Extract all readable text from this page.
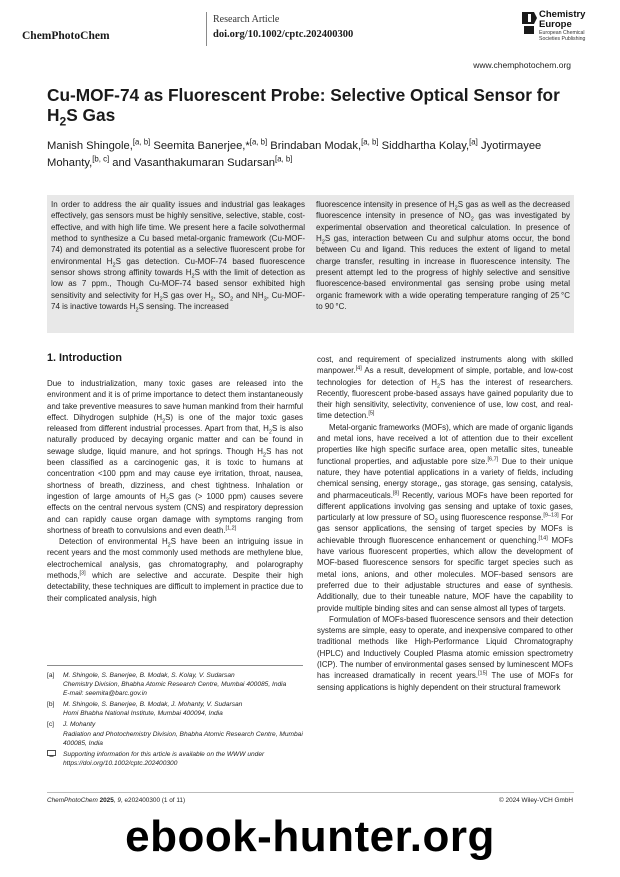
ChemPhotoChem
Research Article
doi.org/10.1002/cptc.202400300
Chemistry Europe
European Chemical Societies Publishing
www.chemphotochem.org
Cu-MOF-74 as Fluorescent Probe: Selective Optical Sensor for $H_2S$ Gas
Manish Shingole,[a, b] Seemita Banerjee,*[a, b] Brindaban Modak,[a, b] Siddhartha Kolay,[a] Jyotirmayee Mohanty,[b, c] and Vasanthakumaran Sudarsan[a, b]
In order to address the air quality issues and industrial gas leakages effectively, gas sensors must be highly sensitive, selective, stable, cost-effective, and with high life time. We present here a facile solvothermal method to synthesize a Cu based metal-organic framework (Cu-MOF-74) and demonstrated its potential as a selective fluorescent probe for environmental $H_2S$ gas detection. Cu-MOF-74 based fluorescence sensor shows strong affinity towards $H_2S$ with the limit of detection as low as 7 ppm., Though Cu-MOF-74 based sensor exhibited high sensitivity and selectivity for $H_2S$ gas over $H_2$, $SO_2$ and $NH_3$, Cu-MOF-74 is inactive towards $H_2S$ sensing. The increased
fluorescence intensity in presence of $H_2S$ gas as well as the decreased fluorescence intensity in presence of $NO_2$ gas was investigated by experimental observation and theoretical calculation. In presence of $H_2S$ gas, interaction between Cu and sulphur atoms occur, the bond between Cu and ligand. This reduces the extent of ligand to metal charge transfer, resulting in increase in fluorescence intensity. The present attempt led to the progress of highly selective and sensitive fluorescence-based environmental gas sensing probe using metal organic framework with a wide operating temperature ranging of 25 °C to 90 °C.
1. Introduction

Due to industrialization, many toxic gases are released into the environment and it is of prime importance to detect them instantaneously and take preventive measures to save human mankind from their harmful effect. Dihydrogen sulphide $(H_2S)$ is one of the major toxic gases released from different industrial processes. Apart from that, $H_2S$ is also naturally produced by decaying organic matter and can be found in sewage sludge, liquid manure, and hot springs. Though $H_2S$ has not been classified as a carcinogenic gas, it is toxic to humans at concentration <100 ppm and may cause eye irritation, throat, nausea, shortness of breath, dizziness, and chest tightness. Inhalation or ingestion of large amounts of $H_2S$ gas (> 1000 ppm) causes severe effects on the central nervous system (CNS) and respiratory depression and can rapidly cause organ damage with symptoms ranging from shortness of breath to convulsions and even death.[1,2]

Detection of environmental $H_2S$ have been an intriguing issue in recent years and the most commonly used methods are methylene blue, electrochemical analysis, gas chromatography, and polarography methods,[3] which are selective and accurate. Despite their high detectability, these techniques are difficult to implement in practice due to their complicated analysis, high

cost, and requirement of specialized instruments along with skilled manpower.[4] As a result, development of simple, portable, and low-cost technologies for detection of $H_2S$ has the interest of researchers. Recently, fluorescent probe-based assays have gained popularity due to their high sensitivity, selectivity, convenience of use, low cost, and real-time detection.[5]

Metal-organic frameworks (MOFs), which are made of organic ligands and metal ions, have received a lot of attention due to their excellent properties like high specific surface area, open metallic sites, tuneable functional properties, and adjustable pore size.[6,7] Due to their unique nature, they have potential applications in a variety of fields, including chemical sensing, energy storage,, gas storage, gas sensing, catalysis, and pharmaceuticals.[8] Recently, various MOFs have been reported for different applications involving gas sensing and uptake of toxic gases, particularly at low pressure of $SO_2$ using fluorescence response.[9–13] For gas sensor applications, the sensing of target species by MOFs is achievable through fluorescence enhancement or quenching.[14] MOFs have various fluorescent properties, which allow the development of MOF-based fluorescence sensors for specific target species such as metal ions, anions, and other molecules. MOF-based sensors are preferred due to their adjustable structures and ease of synthesis. Additionally, due to their tuneable nature, MOF have the capability to provide multiple binding sites and can sense almost all types of targets.

Formulation of MOFs-based fluorescence sensors and their detection systems are simple, easy to operate, and inexpensive compared to other traditional methods like High-Performance Liquid Chromatography (HPLC) and Inductively Coupled Plasma atomic emission spectrometry (ICP). The number of environmental gases sensed by luminescent MOFs has increased dramatically in recent years.[15] The use of MOFs for sensing applications is highly dependent on their structural framework

[a] M. Shingole, S. Banerjee, B. Modak, S. Kolay, V. Sudarsan
Chemistry Division, Bhabha Atomic Research Centre, Mumbai 400085, India
E-mail: seemita@barc.gov.in
[b] M. Shingole, S. Banerjee, B. Modak, J. Mohanty, V. Sudarsan
Homi Bhabha National Institute, Mumbai 400094, India
[c] J. Mohanty
Radiation and Photochemistry Division, Bhabha Atomic Research Centre, Mumbai 400085, India
Supporting information for this article is available on the WWW under https://doi.org/10.1002/cptc.202400300
ChemPhotoChem 2025, 9, e202400300 (1 of 11)	© 2024 Wiley-VCH GmbH
ebook-hunter.org
